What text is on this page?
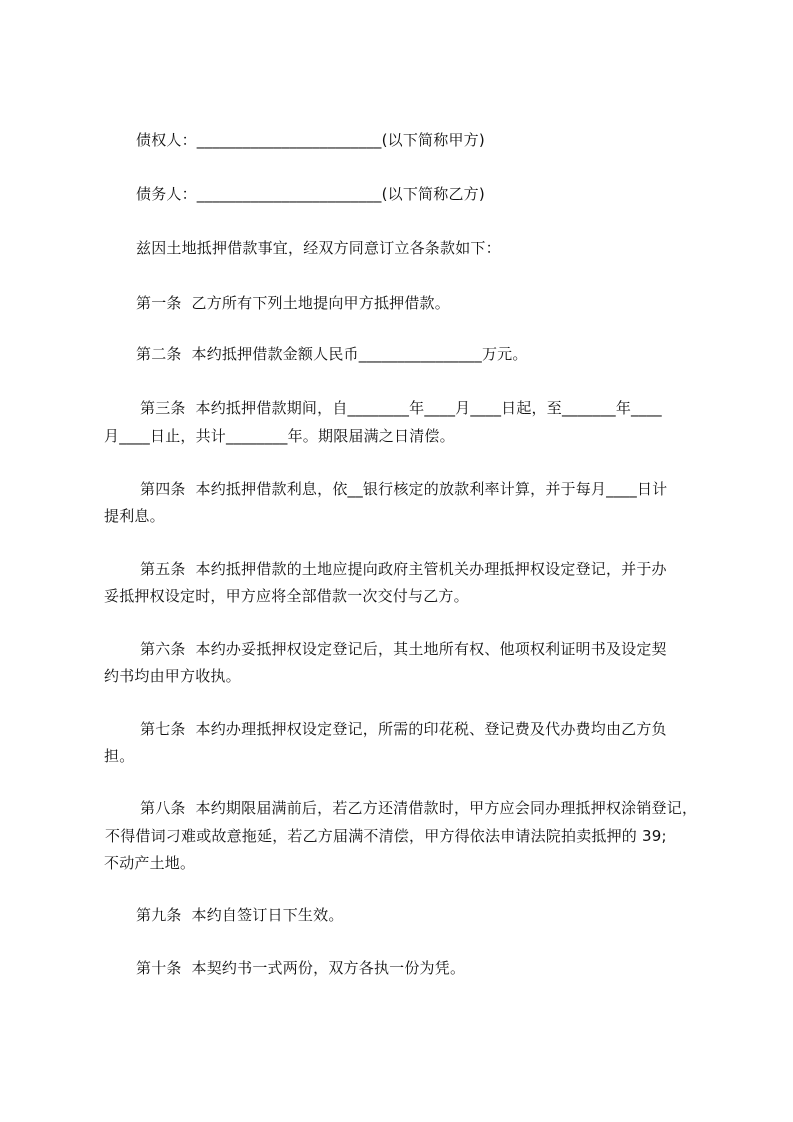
债权人：________________________(以下简称甲方)
债务人：________________________(以下简称乙方)
兹因土地抵押借款事宜，经双方同意订立各条款如下：
第一条  乙方所有下列土地提向甲方抵押借款。
第二条  本约抵押借款金额人民币________________万元。
第三条  本约抵押借款期间，自________年____月____日起，至_______年____
月____日止，共计________年。期限届满之日清偿。
第四条  本约抵押借款利息，依__银行核定的放款利率计算，并于每月____日计
提利息。
第五条  本约抵押借款的土地应提向政府主管机关办理抵押权设定登记，并于办
妥抵押权设定时，甲方应将全部借款一次交付与乙方。
第六条  本约办妥抵押权设定登记后，其土地所有权、他项权利证明书及设定契
约书均由甲方收执。
第七条  本约办理抵押权设定登记，所需的印花税、登记费及代办费均由乙方负
担。
第八条  本约期限届满前后，若乙方还清借款时，甲方应会同办理抵押权涂销登记，
不得借词刁难或故意拖延，若乙方届满不清偿，甲方得依法申请法院拍卖抵押的 39;
不动产土地。
第九条  本约自签订日下生效。
第十条  本契约书一式两份，双方各执一份为凭。
